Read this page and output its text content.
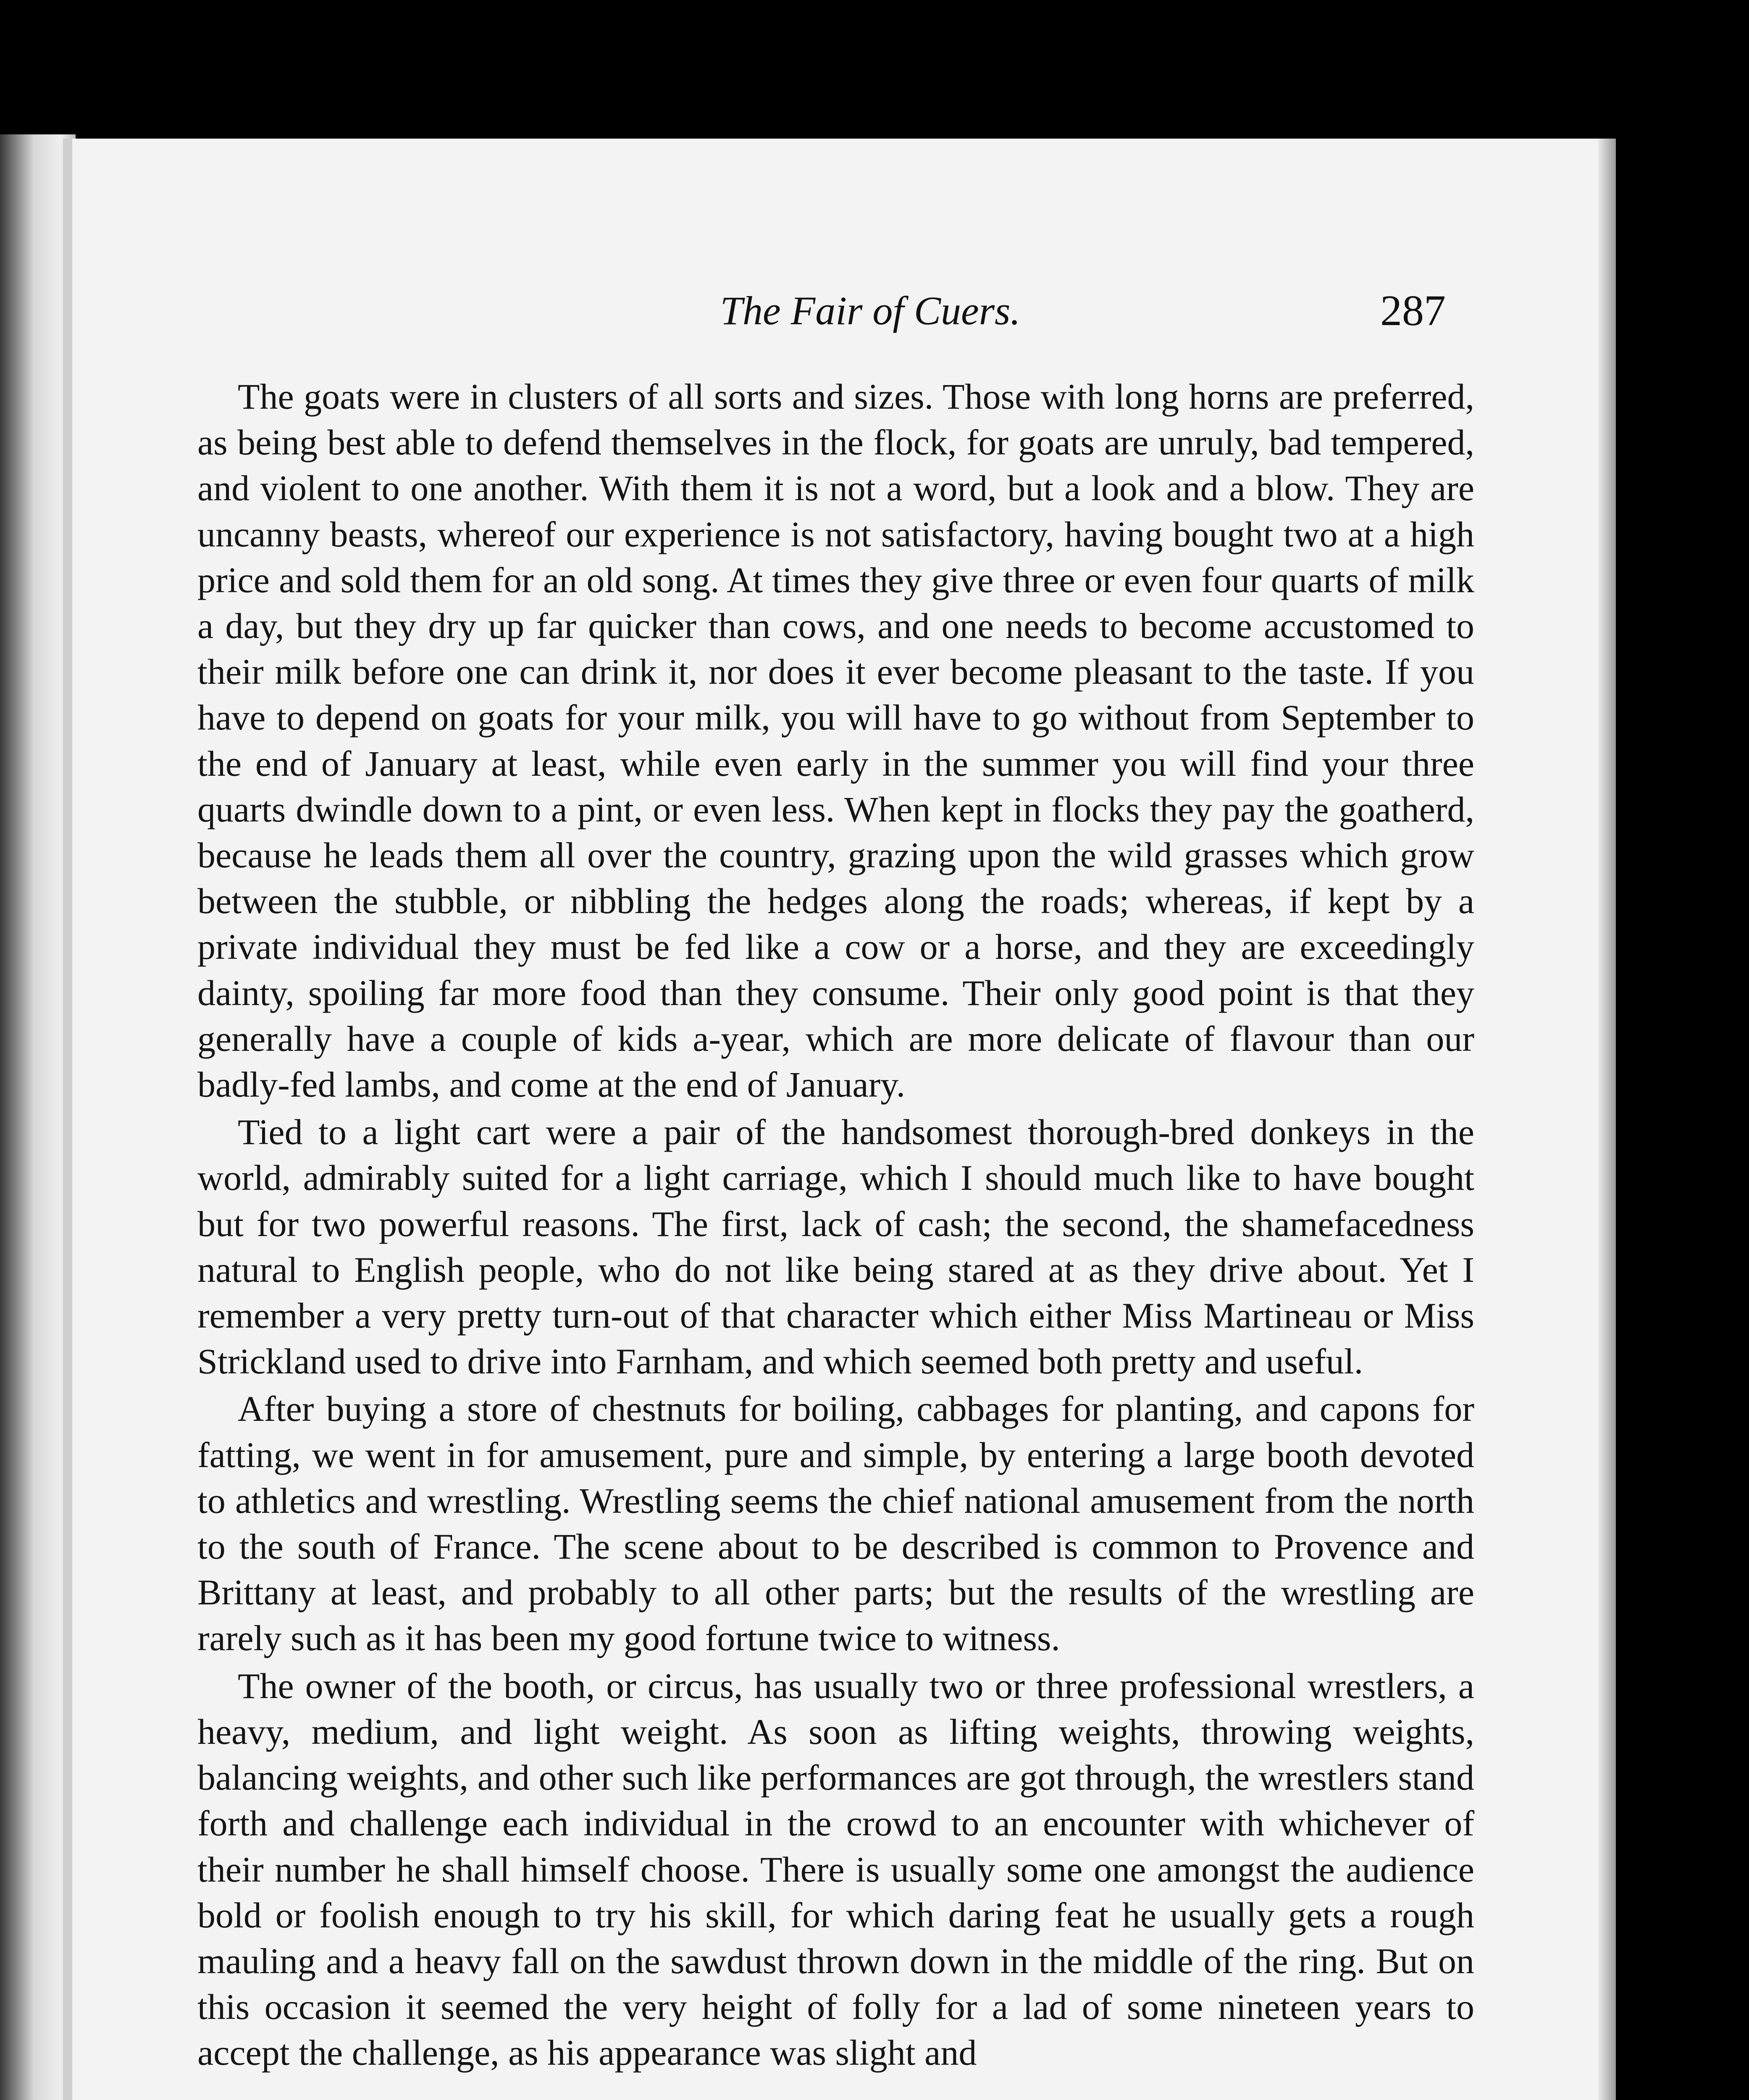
The Fair of Cuers.	287

The goats were in clusters of all sorts and sizes. Those with long horns are preferred, as being best able to defend themselves in the flock, for goats are unruly, bad tempered, and violent to one another. With them it is not a word, but a look and a blow. They are uncanny beasts, whereof our experience is not satisfactory, having bought two at a high price and sold them for an old song. At times they give three or even four quarts of milk a day, but they dry up far quicker than cows, and one needs to become accustomed to their milk before one can drink it, nor does it ever become pleasant to the taste. If you have to depend on goats for your milk, you will have to go without from September to the end of January at least, while even early in the summer you will find your three quarts dwindle down to a pint, or even less. When kept in flocks they pay the goatherd, because he leads them all over the country, grazing upon the wild grasses which grow between the stubble, or nibbling the hedges along the roads; whereas, if kept by a private individual they must be fed like a cow or a horse, and they are exceedingly dainty, spoiling far more food than they consume. Their only good point is that they generally have a couple of kids a-year, which are more delicate of flavour than our badly-fed lambs, and come at the end of January.

Tied to a light cart were a pair of the handsomest thorough-bred donkeys in the world, admirably suited for a light carriage, which I should much like to have bought but for two powerful reasons. The first, lack of cash; the second, the shamefacedness natural to English people, who do not like being stared at as they drive about. Yet I remember a very pretty turn-out of that character which either Miss Martineau or Miss Strickland used to drive into Farnham, and which seemed both pretty and useful.

After buying a store of chestnuts for boiling, cabbages for planting, and capons for fatting, we went in for amusement, pure and simple, by entering a large booth devoted to athletics and wrestling. Wrestling seems the chief national amusement from the north to the south of France. The scene about to be described is common to Provence and Brittany at least, and probably to all other parts; but the results of the wrestling are rarely such as it has been my good fortune twice to witness.

The owner of the booth, or circus, has usually two or three professional wrestlers, a heavy, medium, and light weight. As soon as lifting weights, throwing weights, balancing weights, and other such like performances are got through, the wrestlers stand forth and challenge each individual in the crowd to an encounter with whichever of their number he shall himself choose. There is usually some one amongst the audience bold or foolish enough to try his skill, for which daring feat he usually gets a rough mauling and a heavy fall on the sawdust thrown down in the middle of the ring. But on this occasion it seemed the very height of folly for a lad of some nineteen years to accept the challenge, as his appearance was slight and
